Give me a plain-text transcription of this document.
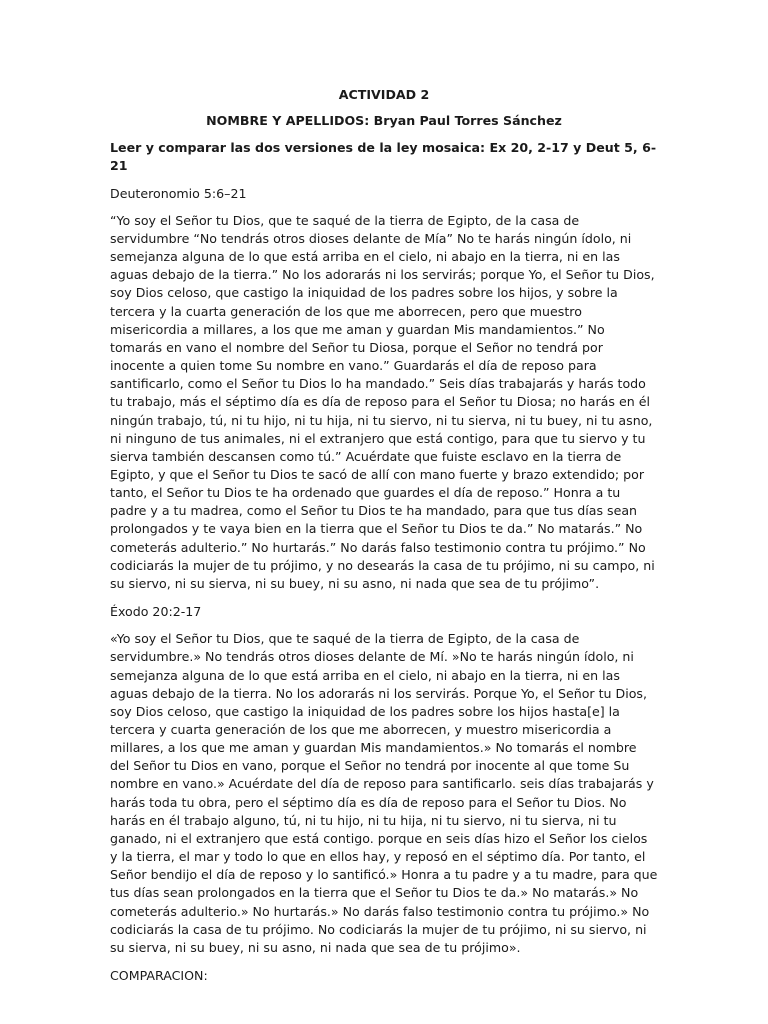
ACTIVIDAD 2

NOMBRE Y APELLIDOS: Bryan Paul Torres Sánchez

Leer y comparar las dos versiones de la ley mosaica: Ex 20, 2-17 y Deut 5, 6-21

Deuteronomio 5:6–21

“Yo soy el Señor tu Dios, que te saqué de la tierra de Egipto, de la casa de servidumbre “No tendrás otros dioses delante de Mía” No te harás ningún ídolo, ni semejanza alguna de lo que está arriba en el cielo, ni abajo en la tierra, ni en las aguas debajo de la tierra.” No los adorarás ni los servirás; porque Yo, el Señor tu Dios, soy Dios celoso, que castigo la iniquidad de los padres sobre los hijos, y sobre la tercera y la cuarta generación de los que me aborrecen, pero que muestro misericordia a millares, a los que me aman y guardan Mis mandamientos.” No tomarás en vano el nombre del Señor tu Diosa, porque el Señor no tendrá por inocente a quien tome Su nombre en vano.” Guardarás el día de reposo para santificarlo, como el Señor tu Dios lo ha mandado.” Seis días trabajarás y harás todo tu trabajo, más el séptimo día es día de reposo para el Señor tu Diosa; no harás en él ningún trabajo, tú, ni tu hijo, ni tu hija, ni tu siervo, ni tu sierva, ni tu buey, ni tu asno, ni ninguno de tus animales, ni el extranjero que está contigo, para que tu siervo y tu sierva también descansen como tú.” Acuérdate que fuiste esclavo en la tierra de Egipto, y que el Señor tu Dios te sacó de allí con mano fuerte y brazo extendido; por tanto, el Señor tu Dios te ha ordenado que guardes el día de reposo.” Honra a tu padre y a tu madrea, como el Señor tu Dios te ha mandado, para que tus días sean prolongados y te vaya bien en la tierra que el Señor tu Dios te da.” No matarás.” No cometerás adulterio.” No hurtarás.” No darás falso testimonio contra tu prójimo.” No codiciarás la mujer de tu prójimo, y no desearás la casa de tu prójimo, ni su campo, ni su siervo, ni su sierva, ni su buey, ni su asno, ni nada que sea de tu prójimo”.

Éxodo 20:2-17

«Yo soy el Señor tu Dios, que te saqué de la tierra de Egipto, de la casa de servidumbre.» No tendrás otros dioses delante de Mí. »No te harás ningún ídolo, ni semejanza alguna de lo que está arriba en el cielo, ni abajo en la tierra, ni en las aguas debajo de la tierra. No los adorarás ni los servirás. Porque Yo, el Señor tu Dios, soy Dios celoso, que castigo la iniquidad de los padres sobre los hijos hasta[e] la tercera y cuarta generación de los que me aborrecen, y muestro misericordia a millares, a los que me aman y guardan Mis mandamientos.» No tomarás el nombre del Señor tu Dios en vano, porque el Señor no tendrá por inocente al que tome Su nombre en vano.» Acuérdate del día de reposo para santificarlo. seis días trabajarás y harás toda tu obra, pero el séptimo día es día de reposo para el Señor tu Dios. No harás en él trabajo alguno, tú, ni tu hijo, ni tu hija, ni tu siervo, ni tu sierva, ni tu ganado, ni el extranjero que está contigo. porque en seis días hizo el Señor los cielos y la tierra, el mar y todo lo que en ellos hay, y reposó en el séptimo día. Por tanto, el Señor bendijo el día de reposo y lo santificó.» Honra a tu padre y a tu madre, para que tus días sean prolongados en la tierra que el Señor tu Dios te da.» No matarás.» No cometerás adulterio.» No hurtarás.» No darás falso testimonio contra tu prójimo.» No codiciarás la casa de tu prójimo. No codiciarás la mujer de tu prójimo, ni su siervo, ni su sierva, ni su buey, ni su asno, ni nada que sea de tu prójimo».

COMPARACION:
